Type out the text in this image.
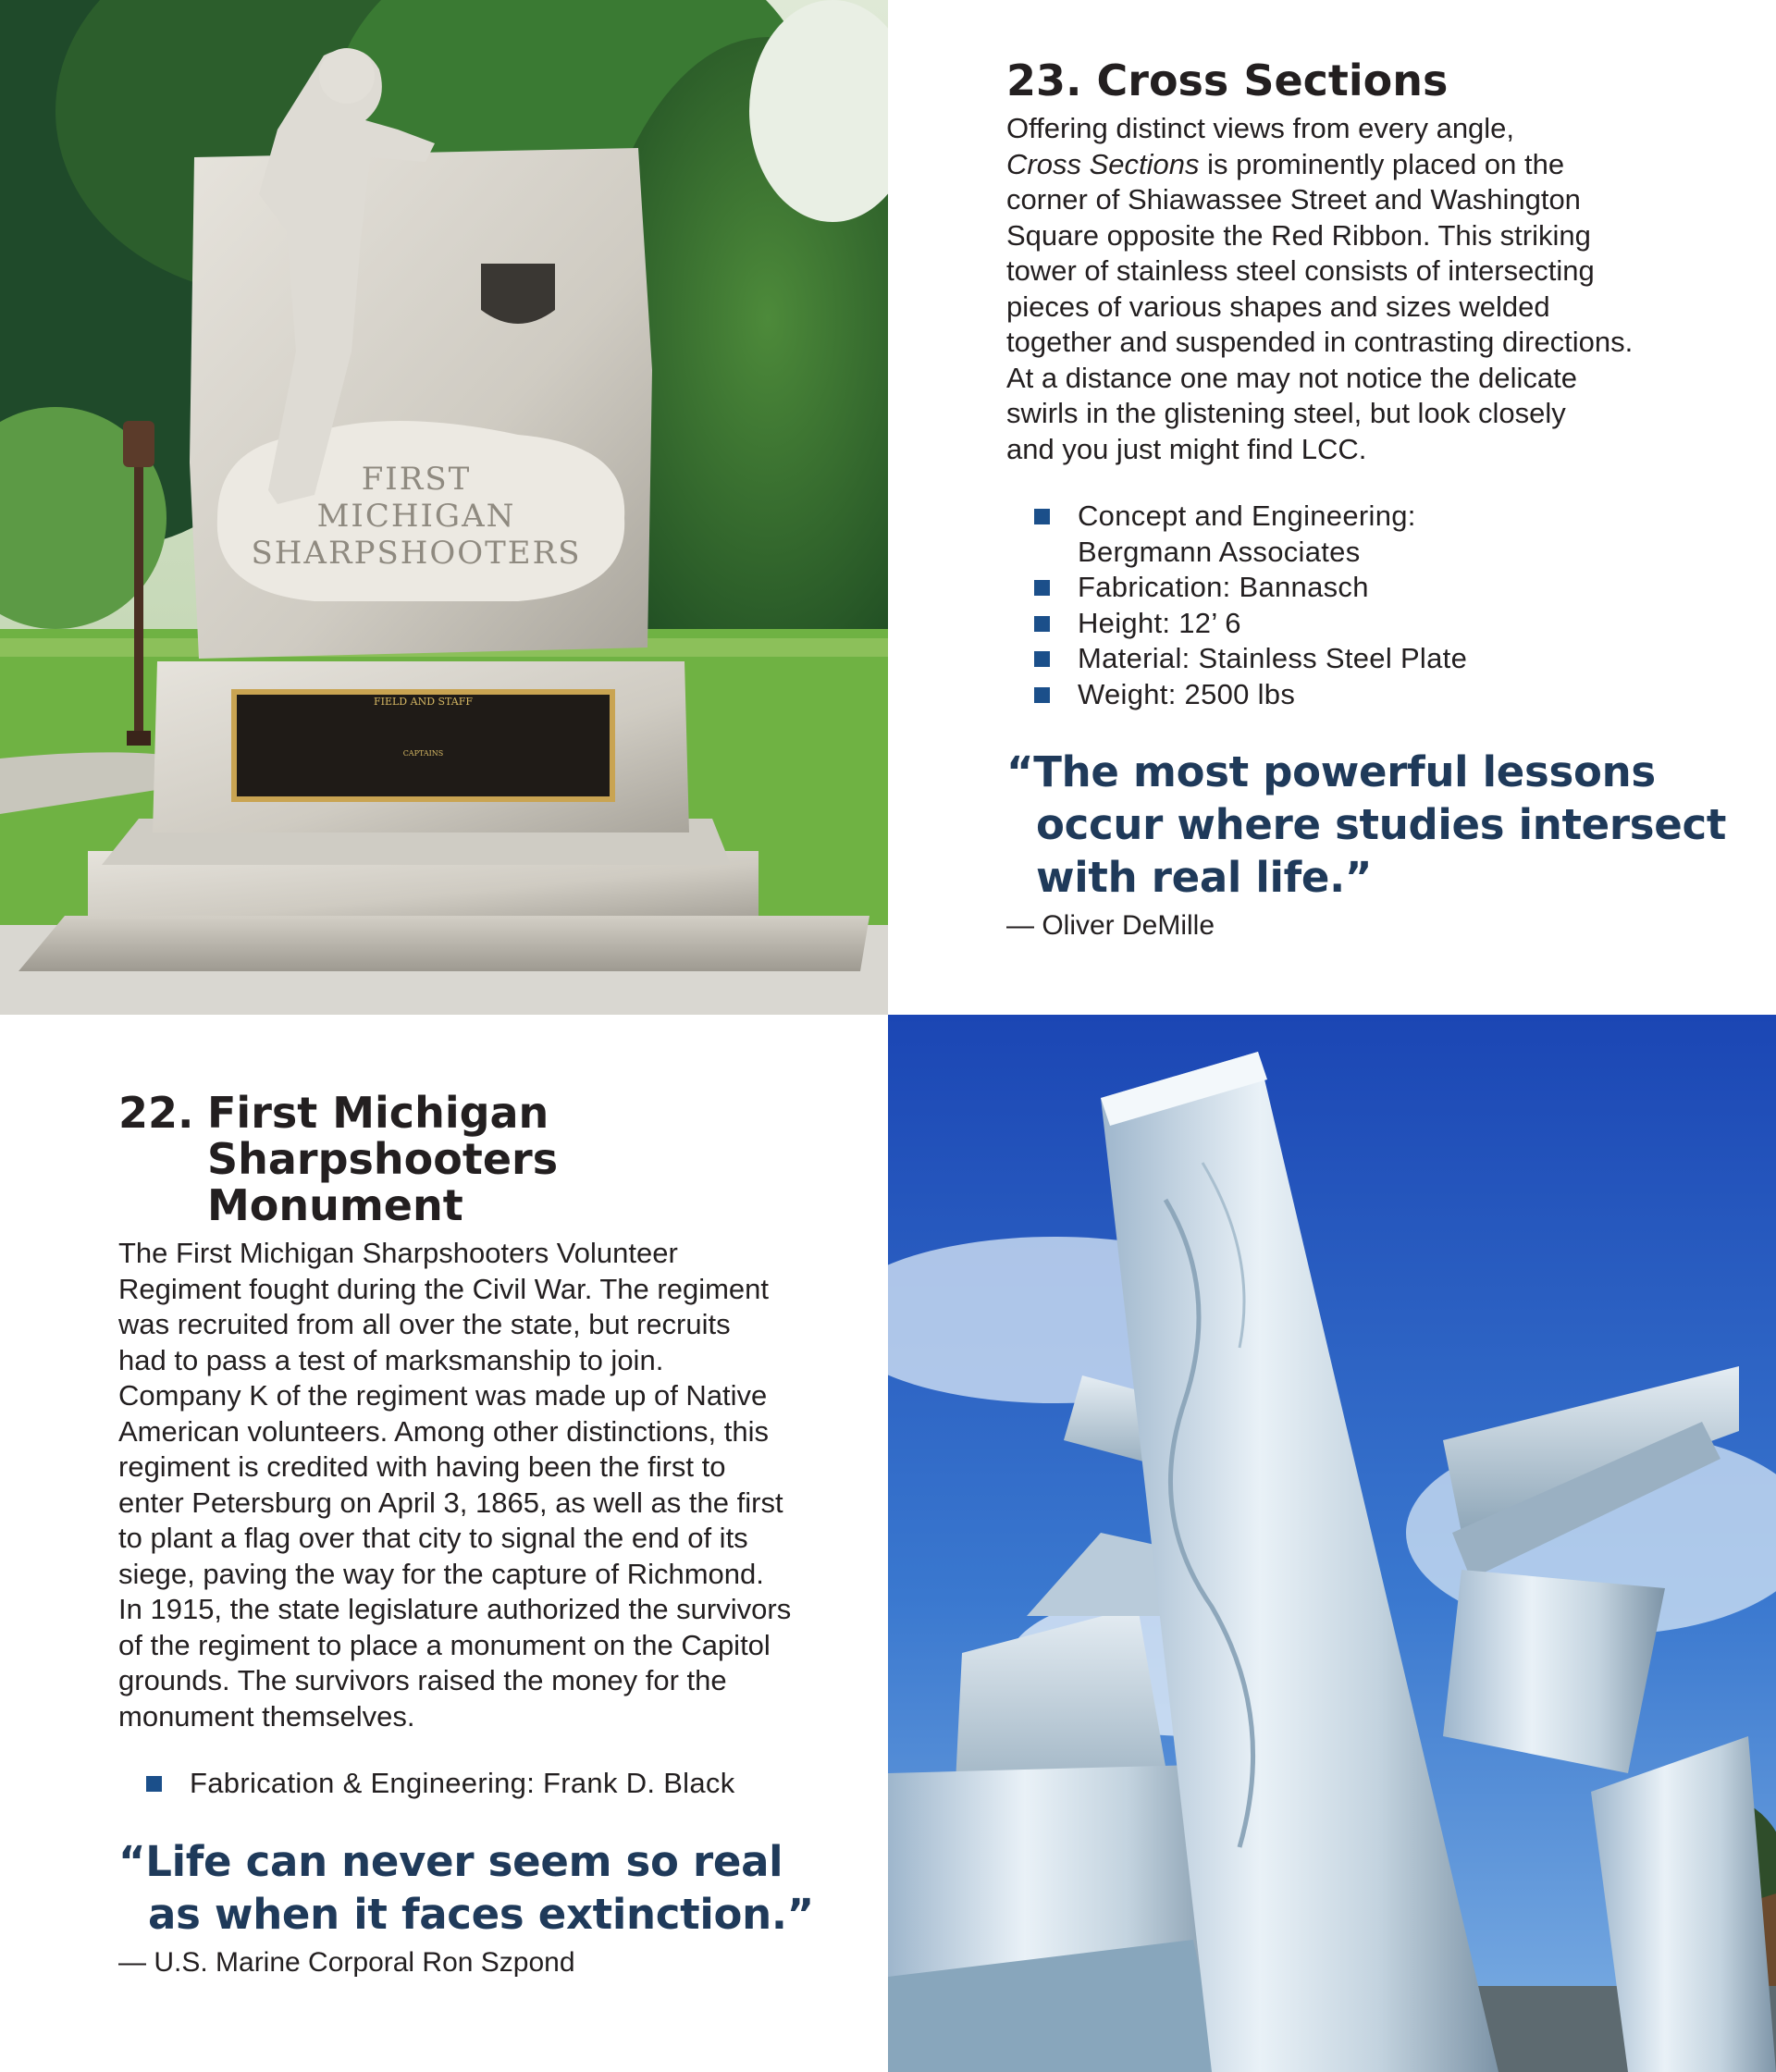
FIRST
MICHIGAN
SHARPSHOOTERS
FIELD AND STAFF
CAPTAINS
23. Cross Sections

Offering distinct views from every angle,
Cross Sections is prominently placed on the
corner of Shiawassee Street and Washington
Square opposite the Red Ribbon. This striking
tower of stainless steel consists of intersecting
pieces of various shapes and sizes welded
together and suspended in contrasting directions.
At a distance one may not notice the delicate
swirls in the glistening steel, but look closely
and you just might find LCC.

Concept and Engineering: Bergmann Associates
Fabrication: Bannasch
Height: 12’ 6
Material: Stainless Steel Plate
Weight: 2500 lbs

“The most powerful lessons
occur where studies intersect
with real life.”

— Oliver DeMille

22. First Michigan
Sharpshooters
Monument

The First Michigan Sharpshooters Volunteer
Regiment fought during the Civil War. The regiment
was recruited from all over the state, but recruits
had to pass a test of marksmanship to join.
Company K of the regiment was made up of Native
American volunteers. Among other distinctions, this
regiment is credited with having been the first to
enter Petersburg on April 3, 1865, as well as the first
to plant a flag over that city to signal the end of its
siege, paving the way for the capture of Richmond.
In 1915, the state legislature authorized the survivors
of the regiment to place a monument on the Capitol
grounds. The survivors raised the money for the
monument themselves.

Fabrication & Engineering: Frank D. Black

“Life can never seem so real
as when it faces extinction.”

— U.S. Marine Corporal Ron Szpond
